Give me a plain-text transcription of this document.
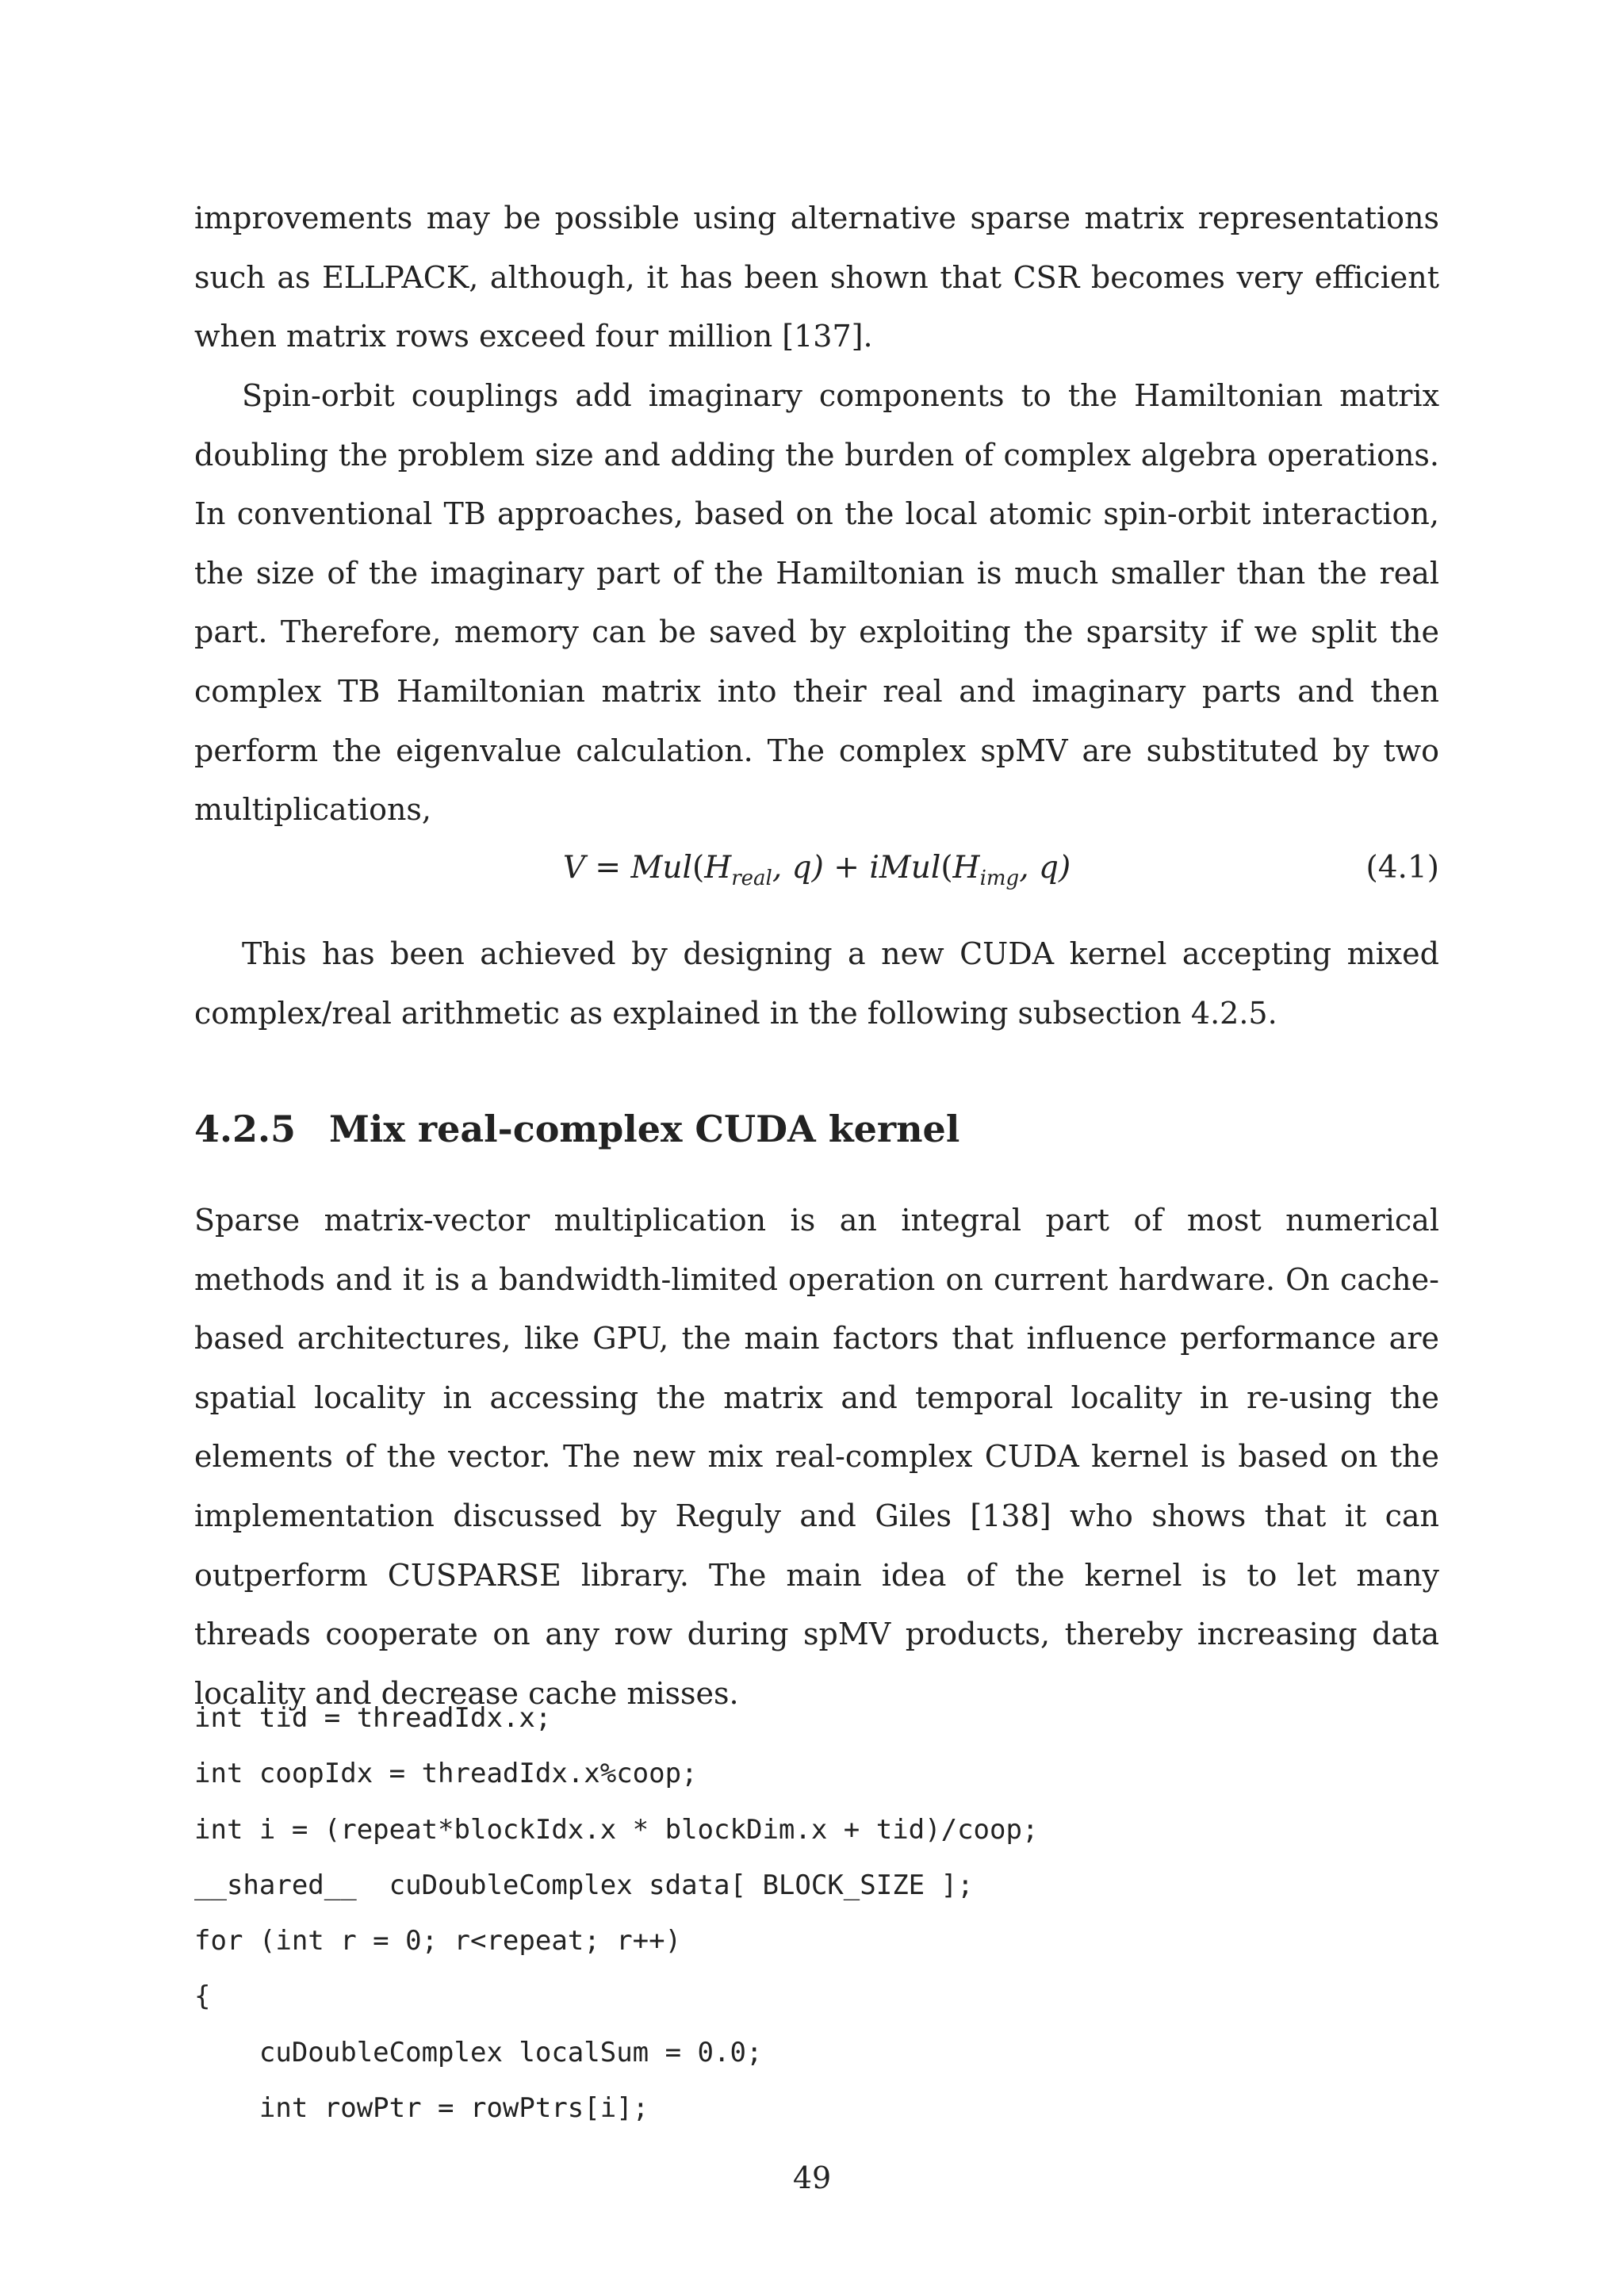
improvements may be possible using alternative sparse matrix representations such as ELLPACK, although, it has been shown that CSR becomes very efficient when matrix rows exceed four million [137].

Spin-orbit couplings add imaginary components to the Hamiltonian matrix doubling the problem size and adding the burden of complex algebra operations. In conventional TB approaches, based on the local atomic spin-orbit interaction, the size of the imaginary part of the Hamiltonian is much smaller than the real part. Therefore, memory can be saved by exploiting the sparsity if we split the complex TB Hamiltonian matrix into their real and imaginary parts and then perform the eigenvalue calculation. The complex spMV are substituted by two multiplications,

$V = Mul(H_{real}$, $q) + iMul(H_{img}$, q)	(4.1)

This has been achieved by designing a new CUDA kernel accepting mixed complex/real arithmetic as explained in the following subsection 4.2.5.

4.2.5 Mix real-complex CUDA kernel

Sparse matrix-vector multiplication is an integral part of most numerical methods and it is a bandwidth-limited operation on current hardware. On cache-based architectures, like GPU, the main factors that influence performance are spatial locality in accessing the matrix and temporal locality in re-using the elements of the vector. The new mix real-complex CUDA kernel is based on the implementation discussed by Reguly and Giles [138] who shows that it can outperform CUSPARSE library. The main idea of the kernel is to let many threads cooperate on any row during spMV products, thereby increasing data locality and decrease cache misses.

int tid = threadIdx.x;
int coopIdx = threadIdx.x%coop;
int i = (repeat*blockIdx.x * blockDim.x + tid)/coop;
__shared__  cuDoubleComplex sdata[ BLOCK_SIZE ];
for (int r = 0; r<repeat; r++)
{
cuDoubleComplex localSum = 0.0;
int rowPtr = rowPtrs[i];
49
